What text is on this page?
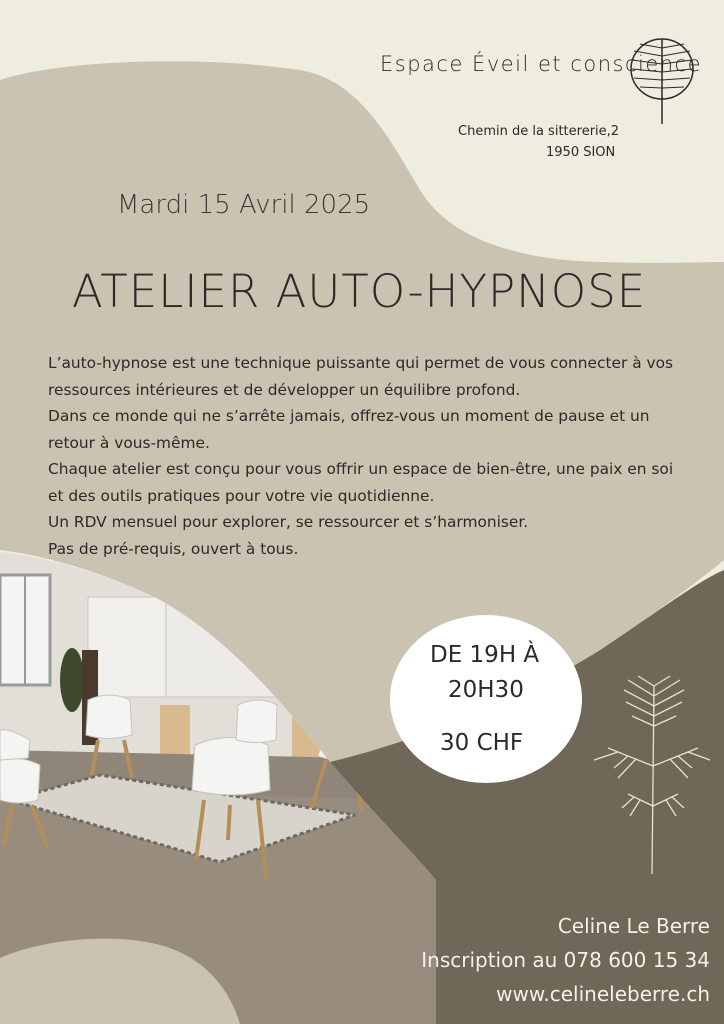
Espace Éveil et conscience
Chemin de la sittererie,2
1950 SION
Mardi 15 Avril 2025
ATELIER AUTO-HYPNOSE

L’auto-hypnose est une technique puissante qui permet de vous connecter à vos ressources intérieures et de développer un équilibre profond.

Dans ce monde qui ne s’arrête jamais, offrez-vous un moment de pause et un retour à vous-même.

Chaque atelier est conçu pour vous offrir un espace de bien-être, une paix en soi et des outils pratiques pour votre vie quotidienne.

Un RDV mensuel pour explorer, se ressourcer et s’harmoniser.

Pas de pré-requis, ouvert à tous.

DE 19H À
20H30
30 CHF
Celine Le Berre
Inscription au 078 600 15 34
www.celineleberre.ch
